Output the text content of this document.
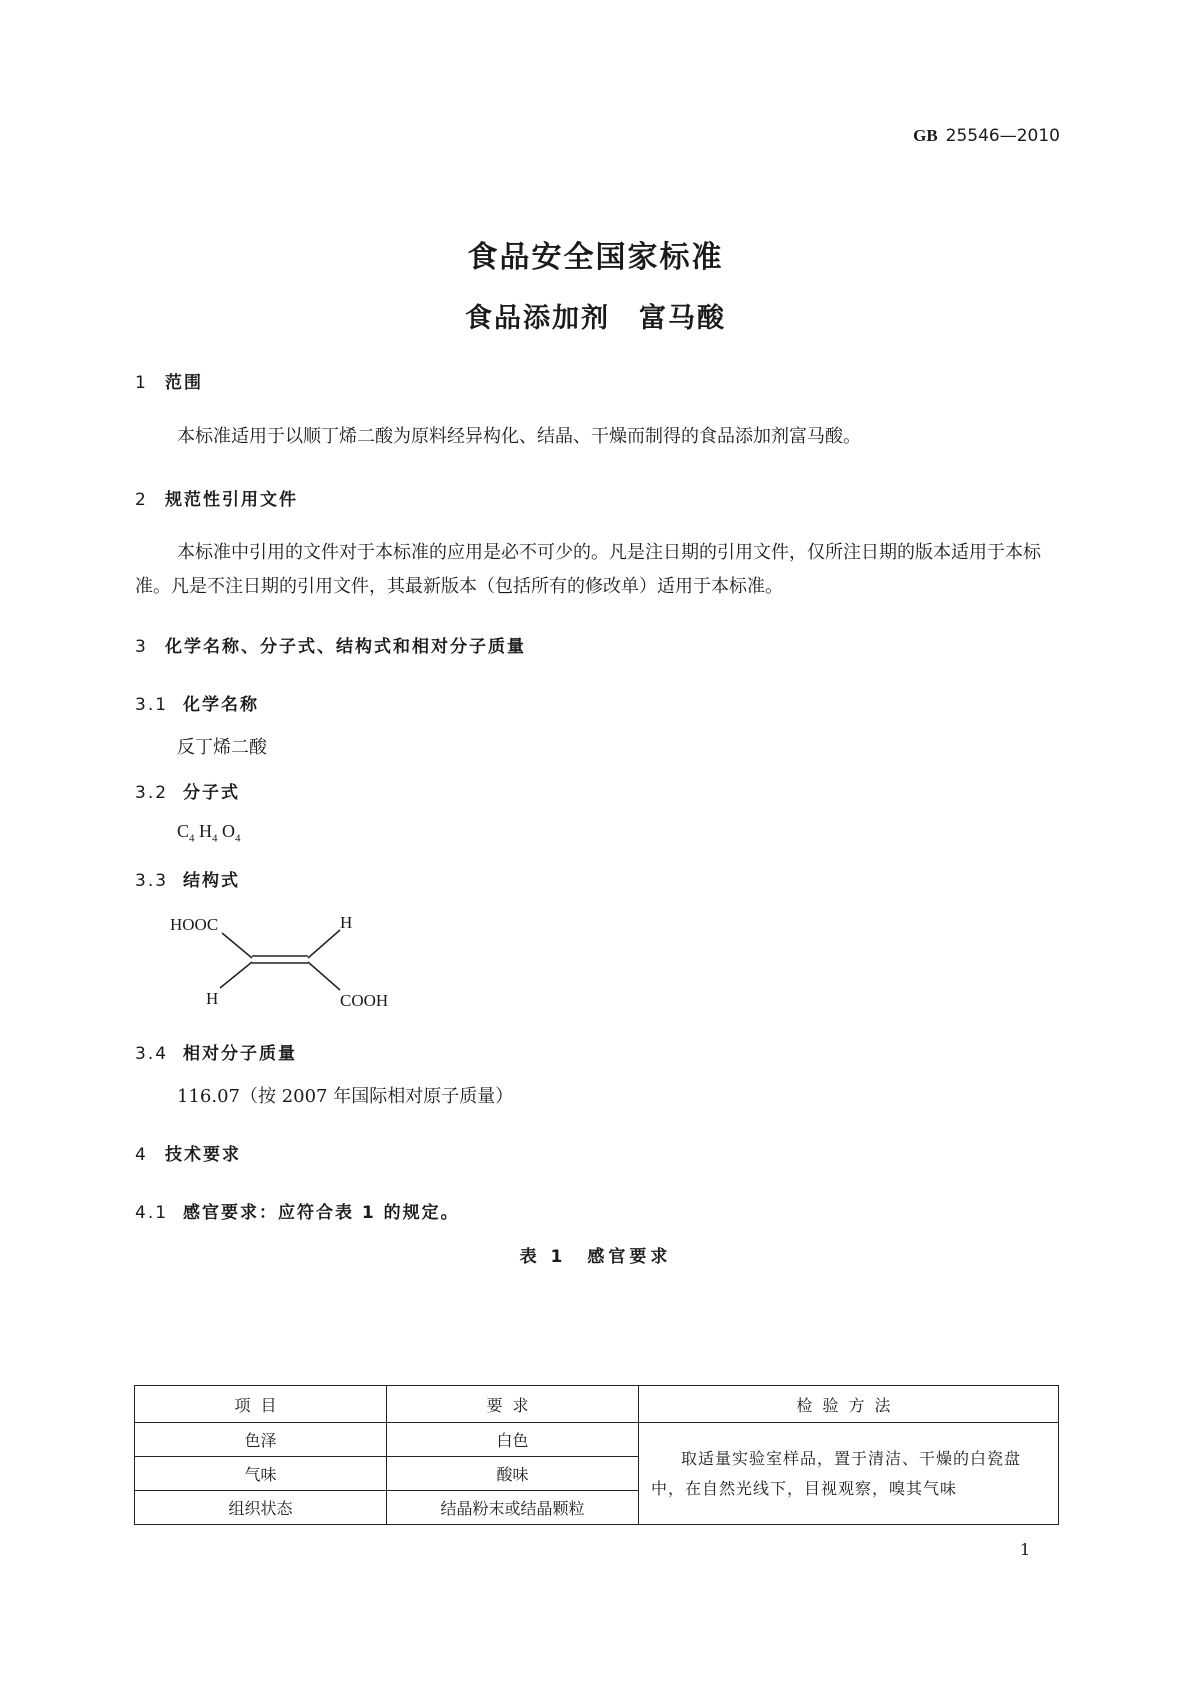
GB 25546—2010
食品安全国家标准
食品添加剂　富马酸
1 范围
本标准适用于以顺丁烯二酸为原料经异构化、结晶、干燥而制得的食品添加剂富马酸。
2 规范性引用文件
本标准中引用的文件对于本标准的应用是必不可少的。凡是注日期的引用文件，仅所注日期的版本适用于本标准。凡是不注日期的引用文件，其最新版本（包括所有的修改单）适用于本标准。
3 化学名称、分子式、结构式和相对分子质量
3.1 化学名称
反丁烯二酸
3.2 分子式
$C_4$ $H_4$ $O_4$
3.3 结构式
HOOC	H
H	COOH
3.4 相对分子质量
116.07（按 2007 年国际相对原子质量）
4 技术要求
4.1 感官要求：应符合表 1 的规定。
表 1　感官要求
项目	要求	检验方法
色泽	白色	取适量实验室样品，置于清洁、干燥的白瓷盘中，在自然光线下，目视观察，嗅其气味
气味	酸味	
组织状态	结晶粉末或结晶颗粒	
1
